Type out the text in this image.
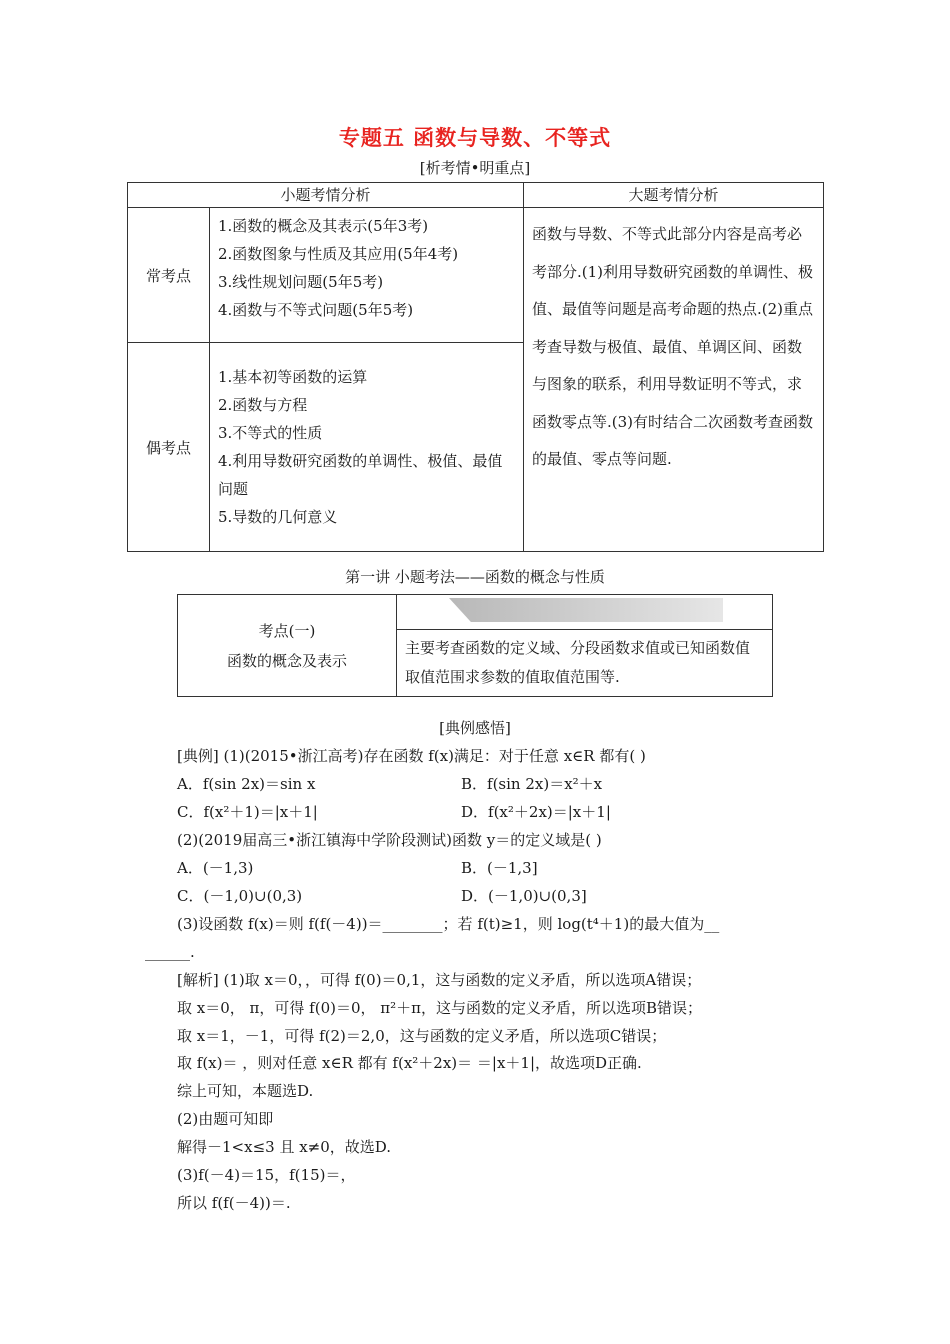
专题五 函数与导数、不等式
[析考情•明重点]
小题考情分析		大题考情分析
常考点	1.函数的概念及其表示(5年3考)
2.函数图象与性质及其应用(5年4考)
3.线性规划问题(5年5考)
4.函数与不等式问题(5年5考)	函数与导数、不等式此部分内容是高考必考部分.(1)利用导数研究函数的单调性、极值、最值等问题是高考命题的热点.(2)重点考查导数与极值、最值、单调区间、函数与图象的联系，利用导数证明不等式，求函数零点等.(3)有时结合二次函数考查函数的最值、零点等问题.
偶考点	1.基本初等函数的运算
2.函数与方程
3.不等式的性质
4.利用导数研究函数的单调性、极值、最值问题
5.导数的几何意义	
第一讲 小题考法——函数的概念与性质
考点(一)
函数的概念及表示

主要考查函数的定义域、分段函数求值或已知函数值取值范围求参数的值取值范围等.
[典例感悟]
[典例] (1)(2015•浙江高考)存在函数 f(x)满足：对于任意 x∈R 都有( )
A．f(sin 2x)＝sin x	B．f(sin 2x)＝x²＋x
C．f(x²＋1)＝|x＋1|	D．f(x²＋2x)＝|x＋1|
(2)(2019届高三•浙江镇海中学阶段测试)函数 y＝的定义域是( )
A．(－1,3)	B．(－1,3]
C．(－1,0)∪(0,3)	D．(－1,0)∪(0,3]
(3)设函数 f(x)＝则 f(f(－4))＝________；若 f(t)≥1，则 log(t⁴＋1)的最大值为__
______.
[解析] (1)取 x＝0，，可得 f(0)＝0,1，这与函数的定义矛盾，所以选项A错误；
取 x＝0， π，可得 f(0)＝0， π²＋π，这与函数的定义矛盾，所以选项B错误；
取 x＝1，－1，可得 f(2)＝2,0，这与函数的定义矛盾，所以选项C错误；
取 f(x)＝ ，则对任意 x∈R 都有 f(x²＋2x)＝ ＝|x＋1|，故选项D正确.
综上可知，本题选D.
(2)由题可知即
解得－1<x≤3 且 x≠0，故选D.
(3)f(－4)＝15，f(15)＝，
所以 f(f(－4))＝.
